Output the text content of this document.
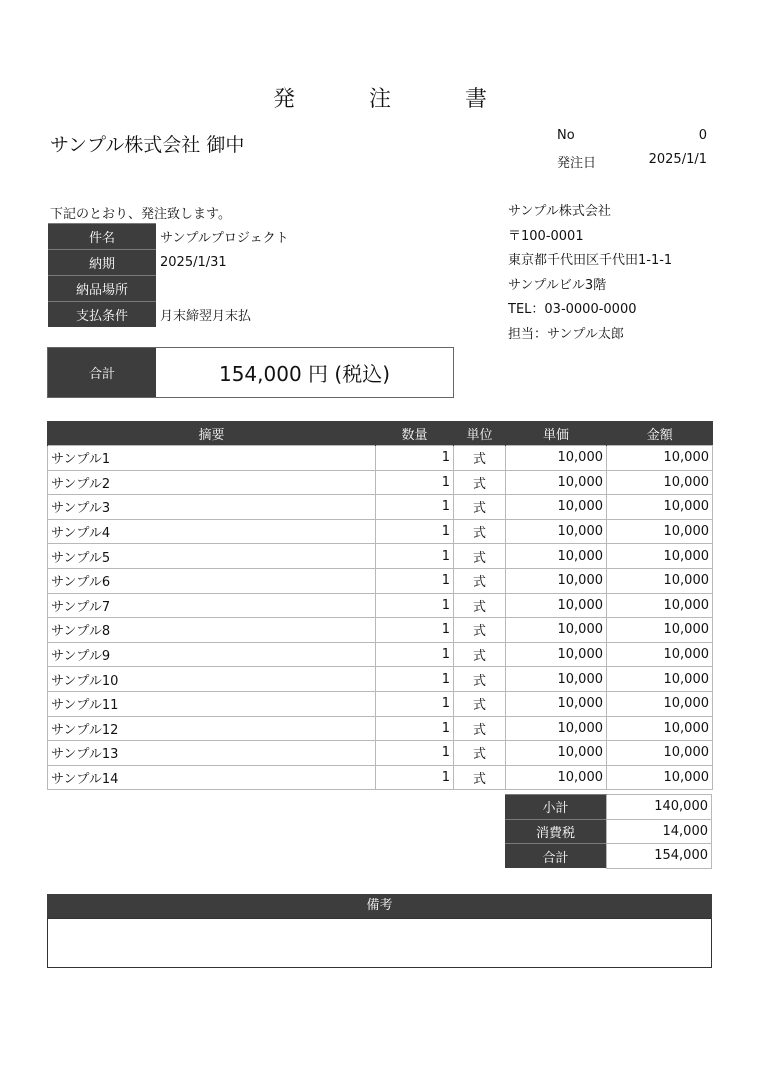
発　注　書
サンプル株式会社 御中	No	0
発注日	2025/1/1
下記のとおり、発注致します。
件名	サンプルプロジェクト
納期	2025/1/31
納品場所	
支払条件	月末締翌月末払
サンプル株式会社
〒100-0001
東京都千代田区千代田1-1-1
サンプルビル3階
TEL：03-0000-0000
担当：サンプル太郎
合計	154,000 円 (税込)
摘要	数量	単位	単価	金額
サンプル1	1	式	10,000	10,000
サンプル2	1	式	10,000	10,000
サンプル3	1	式	10,000	10,000
サンプル4	1	式	10,000	10,000
サンプル5	1	式	10,000	10,000
サンプル6	1	式	10,000	10,000
サンプル7	1	式	10,000	10,000
サンプル8	1	式	10,000	10,000
サンプル9	1	式	10,000	10,000
サンプル10	1	式	10,000	10,000
サンプル11	1	式	10,000	10,000
サンプル12	1	式	10,000	10,000
サンプル13	1	式	10,000	10,000
サンプル14	1	式	10,000	10,000
小計	140,000
消費税	14,000
合計	154,000
備考
